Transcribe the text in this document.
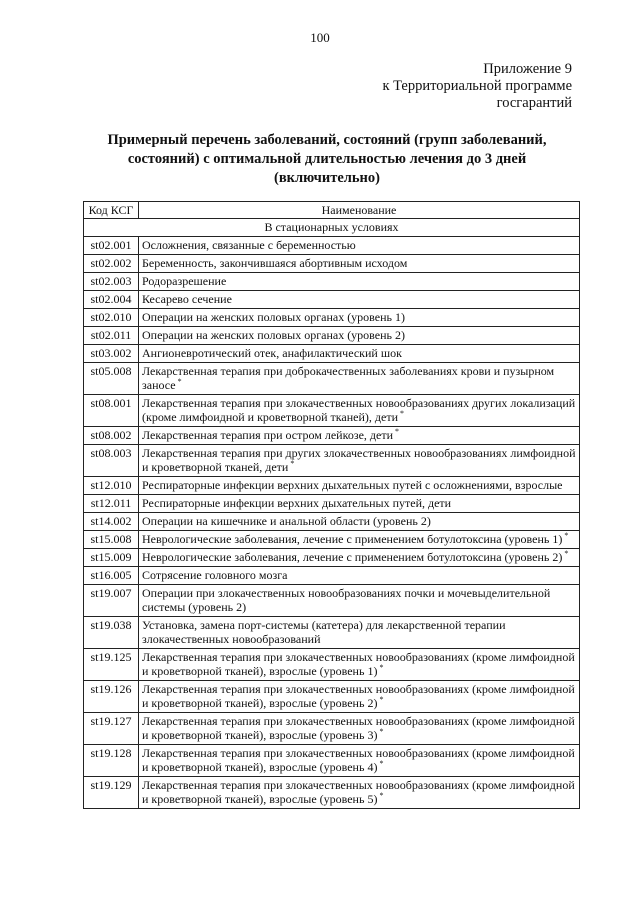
100
Приложение 9
к Территориальной программе
госгарантий
Примерный перечень заболеваний, состояний (групп заболеваний,
состояний) с оптимальной длительностью лечения до 3 дней
(включительно)
Код КСГ	Наименование
В стационарных условиях	
st02.001	Осложнения, связанные с беременностью
st02.002	Беременность, закончившаяся абортивным исходом
st02.003	Родоразрешение
st02.004	Кесарево сечение
st02.010	Операции на женских половых органах (уровень 1)
st02.011	Операции на женских половых органах (уровень 2)
st03.002	Ангионевротический отек, анафилактический шок
st05.008	Лекарственная терапия при доброкачественных заболеваниях крови и пузырном заносе *
st08.001	Лекарственная терапия при злокачественных новообразованиях других локализаций (кроме лимфоидной и кроветворной тканей), дети *
st08.002	Лекарственная терапия при остром лейкозе, дети *
st08.003	Лекарственная терапия при других злокачественных новообразованиях лимфоидной и кроветворной тканей, дети *
st12.010	Респираторные инфекции верхних дыхательных путей с осложнениями, взрослые
st12.011	Респираторные инфекции верхних дыхательных путей, дети
st14.002	Операции на кишечнике и анальной области (уровень 2)
st15.008	Неврологические заболевания, лечение с применением ботулотоксина (уровень 1) *
st15.009	Неврологические заболевания, лечение с применением ботулотоксина (уровень 2) *
st16.005	Сотрясение головного мозга
st19.007	Операции при злокачественных новообразованиях почки и мочевыделительной системы (уровень 2)
st19.038	Установка, замена порт-системы (катетера) для лекарственной терапии злокачественных новообразований
st19.125	Лекарственная терапия при злокачественных новообразованиях (кроме лимфоидной и кроветворной тканей), взрослые (уровень 1) *
st19.126	Лекарственная терапия при злокачественных новообразованиях (кроме лимфоидной и кроветворной тканей), взрослые (уровень 2) *
st19.127	Лекарственная терапия при злокачественных новообразованиях (кроме лимфоидной и кроветворной тканей), взрослые (уровень 3) *
st19.128	Лекарственная терапия при злокачественных новообразованиях (кроме лимфоидной и кроветворной тканей), взрослые (уровень 4) *
st19.129	Лекарственная терапия при злокачественных новообразованиях (кроме лимфоидной и кроветворной тканей), взрослые (уровень 5) *
